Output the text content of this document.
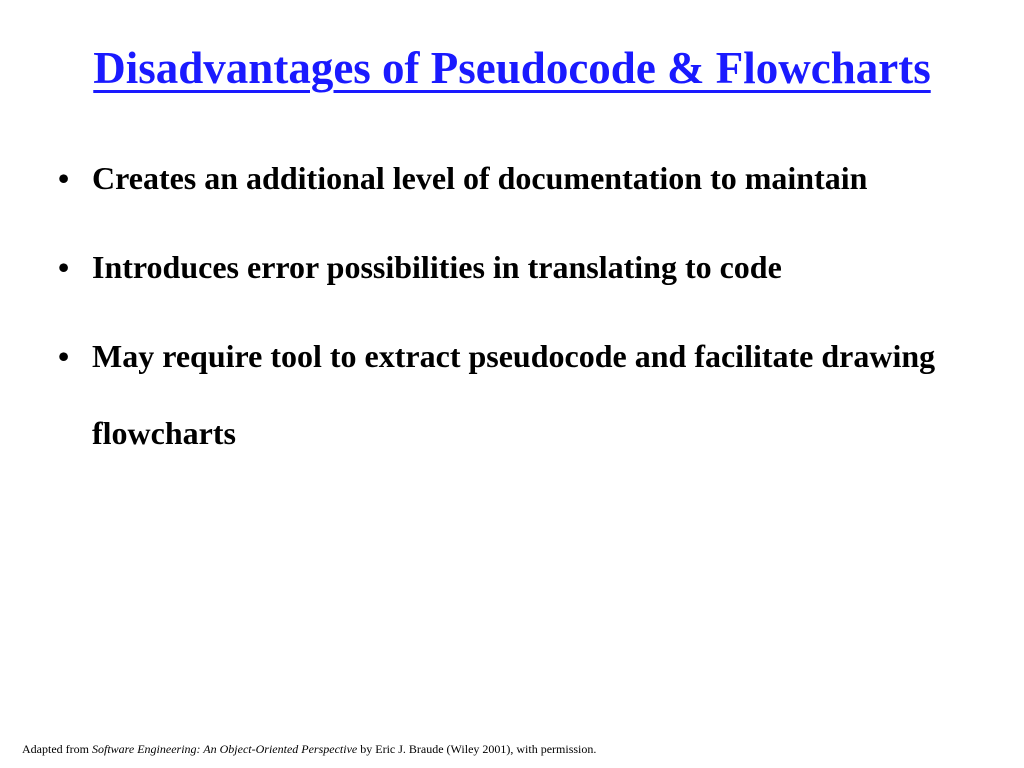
Disadvantages of Pseudocode & Flowcharts
• Creates an additional level of documentation to maintain
• Introduces error possibilities in translating to code
• May require tool to extract pseudocode and facilitate drawing flowcharts
Adapted from Software Engineering: An Object-Oriented Perspective by Eric J. Braude (Wiley 2001), with permission.
